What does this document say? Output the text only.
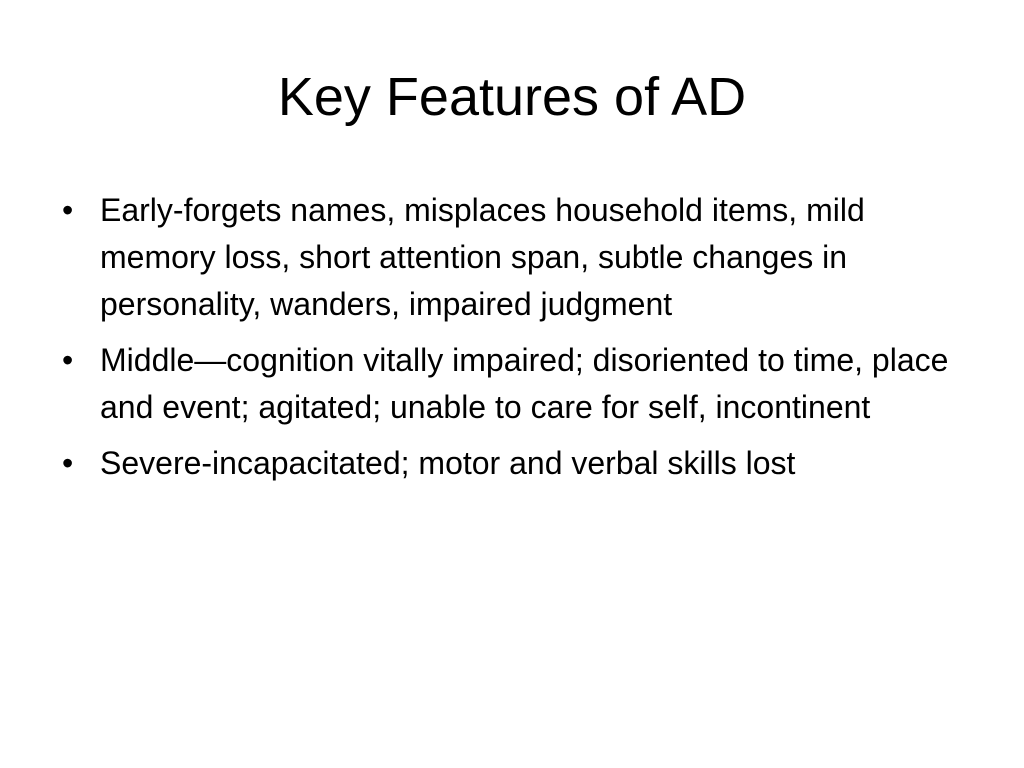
Key Features of AD
• Early-forgets names, misplaces household items, mild memory loss, short attention span, subtle changes in personality, wanders, impaired judgment
• Middle—cognition vitally impaired; disoriented to time, place and event; agitated; unable to care for self, incontinent
• Severe-incapacitated; motor and verbal skills lost
